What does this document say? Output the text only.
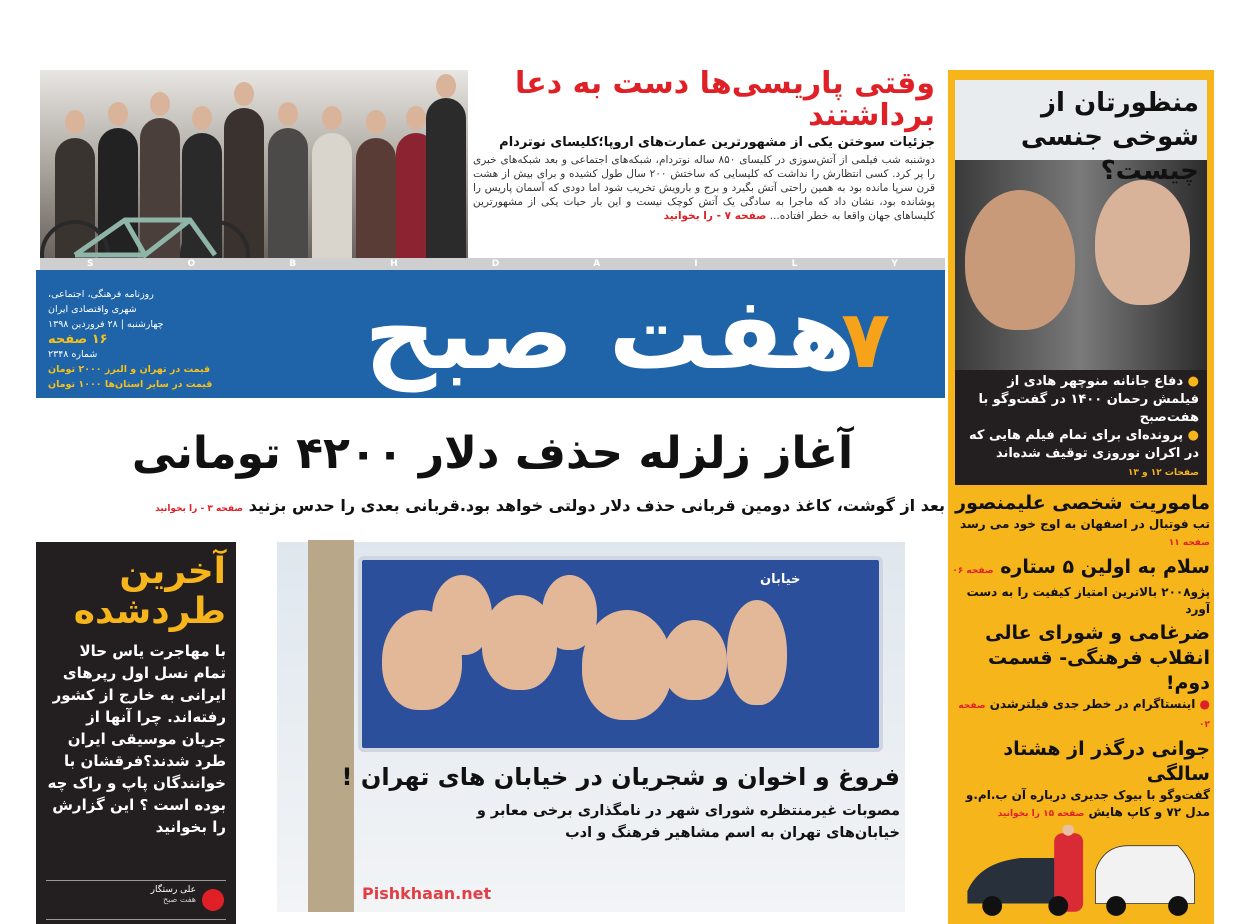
وقتی پاریسی‌ها دست به دعا برداشتند
جزئیات سوختن یکی از مشهورترین عمارت‌های اروپا؛کلیسای نوتردام
دوشنبه شب فیلمی از آتش‌سوزی در کلیسای ۸۵۰ ساله نوتردام، شبکه‌های اجتماعی و بعد شبکه‌های خبری را پر کرد. کسی انتظارش را نداشت که کلیسایی که ساختش ۲۰۰ سال طول کشیده و برای بیش از هشت قرن سرپا مانده بود به همین راحتی آتش بگیرد و برج و بارویش تخریب شود اما دودی که آسمان پاریس را پوشانده بود، نشان داد که ماجرا به سادگی یک آتش کوچک نیست و این بار حیات یکی از مشهورترین کلیساهای جهان واقعا به خطر افتاده... صفحه ۷ - را بخوانید
S	O	B	H	D	A	I	L	Y
هفت صبح
۷
روزنامه فرهنگی، اجتماعی،
شهری واقتصادی ایران
چهارشنبه | ۲۸ فروردین ۱۳۹۸
۱۶ صفحه
شماره ۲۳۴۸
قیمت در تهران و البرز ۲۰۰۰ تومان
قیمت در سایر استان‌ها ۱۰۰۰ تومان
آغاز زلزله حذف دلار ۴۲۰۰ تومانی
بعد از گوشت، کاغذ دومین قربانی حذف دلار دولتی خواهد بود.قربانی بعدی را حدس بزنید صفحه ۳ - را بخوانید
آخرین طردشده
با مهاجرت یاس حالا تمام نسل اول رپرهای ایرانی به خارج از کشور رفته‌اند. چرا آنها از جریان موسیقی ایران طرد شدند؟فرقشان با خوانندگان پاپ و راک چه بوده است ؟ این گزارش را بخوانید
علی رستگار
هفت صبح
خیابان
فروغ و اخوان و شجریان در خیابان های تهران !
مصوبات غیرمنتظره شورای شهر در نامگذاری برخی معابر و خیابان‌های تهران به اسم مشاهیر فرهنگ و ادب
Pishkhaan.net
منظورتان از شوخی جنسی چیست؟
● دفاع جانانه منوچهر هادی از فیلمش رحمان ۱۴۰۰ در گفت‌وگو با هفت‌صبح
● پرونده‌ای برای تمام فیلم هایی که در اکران نوروزی توقیف شده‌اند صفحات ۱۲ و ۱۳
ماموریت شخصی علیمنصور
تب فوتبال در اصفهان به اوج خود می رسد صفحه ۱۱
سلام به اولین ۵ ستاره صفحه ۰۶
پژو۲۰۰۸ بالاترین امتیاز کیفیت را به دست آورد
ضرغامی و شورای عالی انقلاب فرهنگی- قسمت دوم!
● اینستاگرام در خطر جدی فیلترشدن صفحه ۰۲
جوانی درگذر از هشتاد سالگی
گفت‌وگو با بیوک جدیری درباره آن ب.ام.و مدل ۷۲ و کاپ هایش صفحه ۱۵ را بخوانید
